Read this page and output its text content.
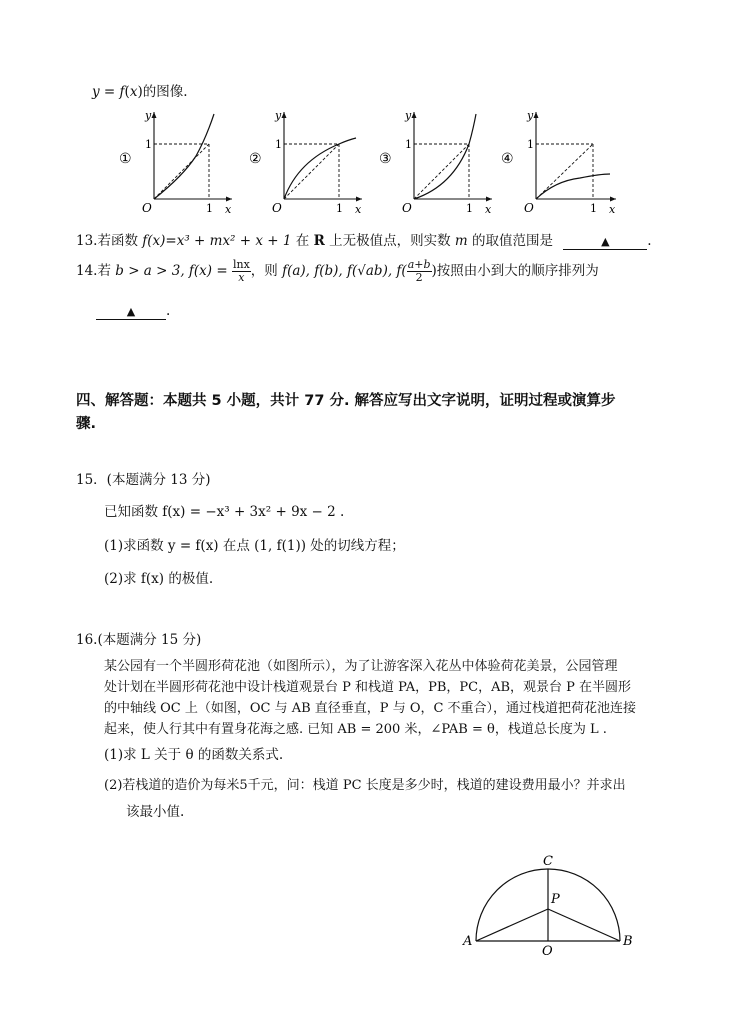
y = f(x)的图像.
①
y
x
O	1
1
②
y
x
O	1
1
③
y
x
O	1
1
④
y
x
O	1
1
13.若函数 f(x)=x³ + mx² + x + 1 在 R 上无极值点，则实数 m 的取值范围是	▲	.
14.若 b > a > 3, $f(x) = \frac{\ln x}{x}$ ，则 f(a), f(b), f(√ab), $f( \frac{a+b}{2}$ )按照由小到大的顺序排列为
▲ .
四、解答题：本题共 5 小题，共计 77 分. 解答应写出文字说明，证明过程或演算步
骤.
15．(本题满分 13 分)
已知函数 f(x) = −x³ + 3x² + 9x − 2 .
(1)求函数 y = f(x) 在点 (1, f(1)) 处的切线方程；
(2)求 f(x) 的极值.
16.(本题满分 15 分)
某公园有一个半圆形荷花池（如图所示），为了让游客深入花丛中体验荷花美景，公园管理
处计划在半圆形荷花池中设计栈道观景台 P 和栈道 PA，PB，PC，AB，观景台 P 在半圆形
的中轴线 OC 上（如图，OC 与 AB 直径垂直，P 与 O，C 不重合），通过栈道把荷花池连接
起来，使人行其中有置身花海之感. 已知 AB = 200 米，∠PAB = θ，栈道总长度为 L .
(1)求 L 关于 θ 的函数关系式.
(2)若栈道的造价为每米5千元，问：栈道 PC 长度是多少时，栈道的建设费用最小？并求出
该最小值.
C
P
A	B
O
